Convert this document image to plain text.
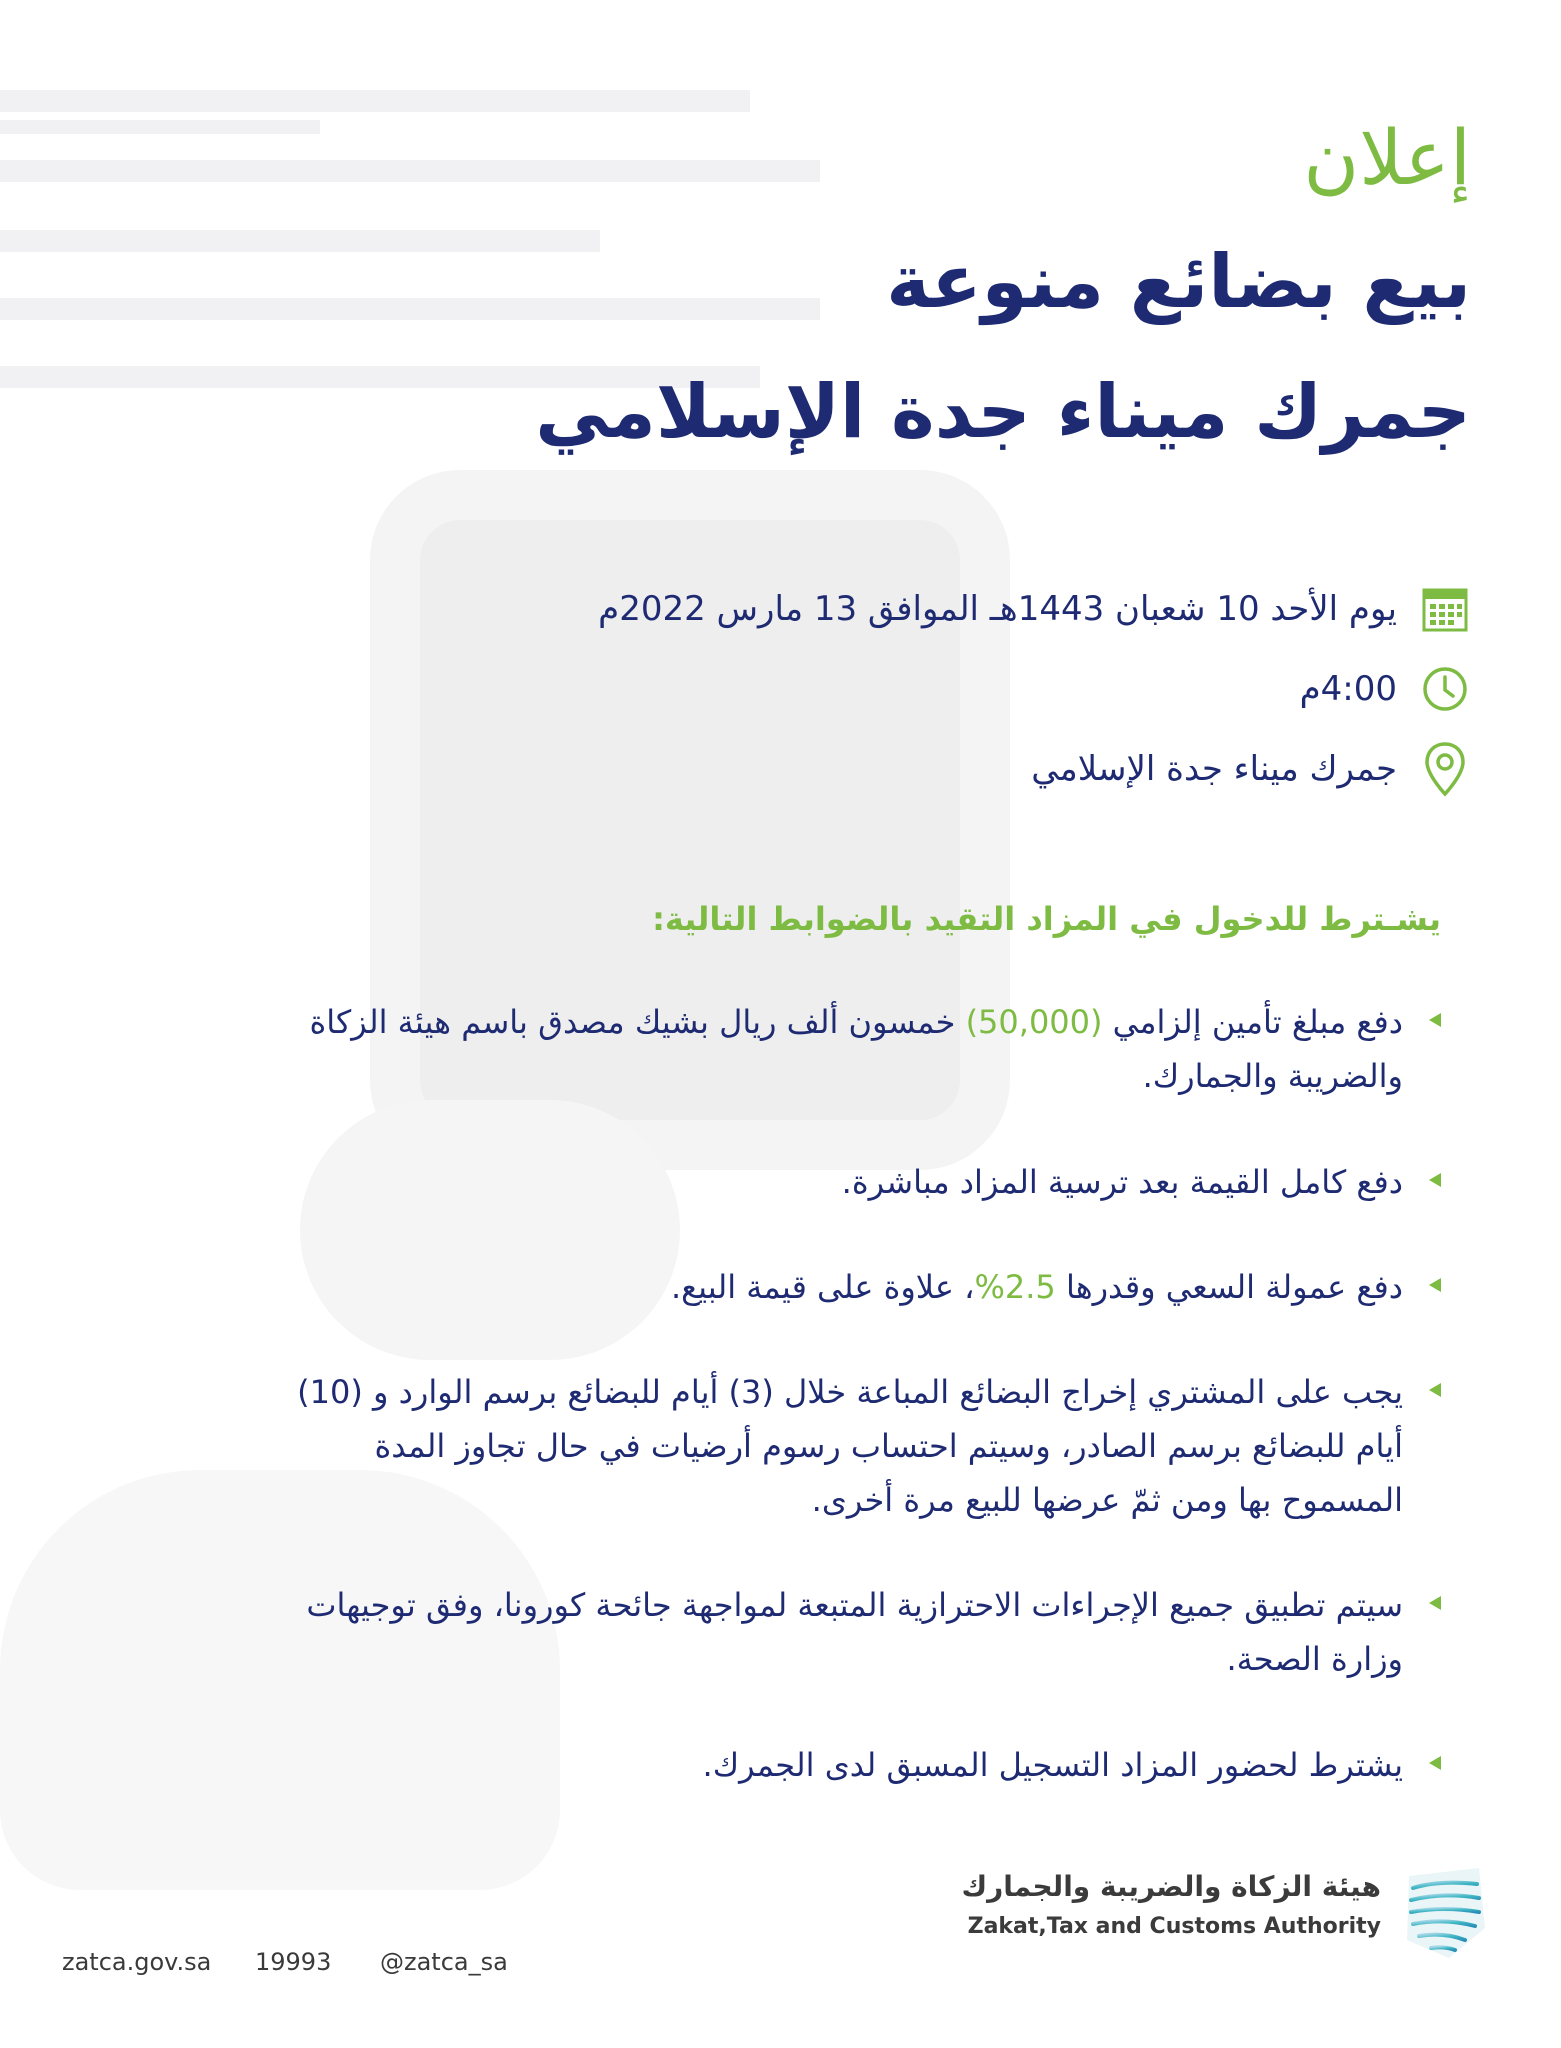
إعلان
بيع بضائع منوعة
جمرك ميناء جدة الإسلامي
يوم الأحد 10 شعبان 1443هـ الموافق 13 مارس 2022م
4:00م
جمرك ميناء جدة الإسلامي
يشـترط للدخول في المزاد التقيد بالضوابط التالية:
دفع مبلغ تأمين إلزامي (50,000) خمسون ألف ريال بشيك مصدق باسم هيئة الزكاة والضريبة والجمارك.
دفع كامل القيمة بعد ترسية المزاد مباشرة.
دفع عمولة السعي وقدرها 2.5%، علاوة على قيمة البيع.
يجب على المشتري إخراج البضائع المباعة خلال (3) أيام للبضائع برسم الوارد و (10) أيام للبضائع برسم الصادر، وسيتم احتساب رسوم أرضيات في حال تجاوز المدة المسموح بها ومن ثمّ عرضها للبيع مرة أخرى.
سيتم تطبيق جميع الإجراءات الاحترازية المتبعة لمواجهة جائحة كورونا، وفق توجيهات وزارة الصحة.
يشترط لحضور المزاد التسجيل المسبق لدى الجمرك.
zatca.gov.sa 19993 @zatca_sa
هيئة الزكاة والضريبة والجمارك
Zakat,Tax and Customs Authority
